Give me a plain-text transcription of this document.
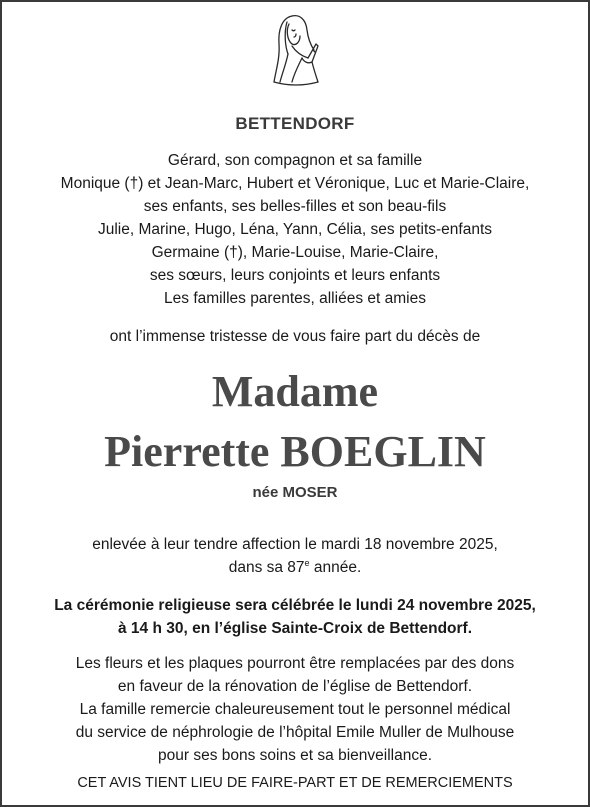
BETTENDORF
Gérard, son compagnon et sa famille
Monique (†) et Jean-Marc, Hubert et Véronique, Luc et Marie-Claire,
ses enfants, ses belles-filles et son beau-fils
Julie, Marine, Hugo, Léna, Yann, Célia, ses petits-enfants
Germaine (†), Marie-Louise, Marie-Claire,
ses sœurs, leurs conjoints et leurs enfants
Les familles parentes, alliées et amies
ont l’immense tristesse de vous faire part du décès de
Madame
Pierrette BOEGLIN
née MOSER
enlevée à leur tendre affection le mardi 18 novembre 2025,
dans sa 87e année.
La cérémonie religieuse sera célébrée le lundi 24 novembre 2025,
à 14 h 30, en l’église Sainte-Croix de Bettendorf.
Les fleurs et les plaques pourront être remplacées par des dons
en faveur de la rénovation de l’église de Bettendorf.
La famille remercie chaleureusement tout le personnel médical
du service de néphrologie de l’hôpital Emile Muller de Mulhouse
pour ses bons soins et sa bienveillance.
CET AVIS TIENT LIEU DE FAIRE-PART ET DE REMERCIEMENTS
